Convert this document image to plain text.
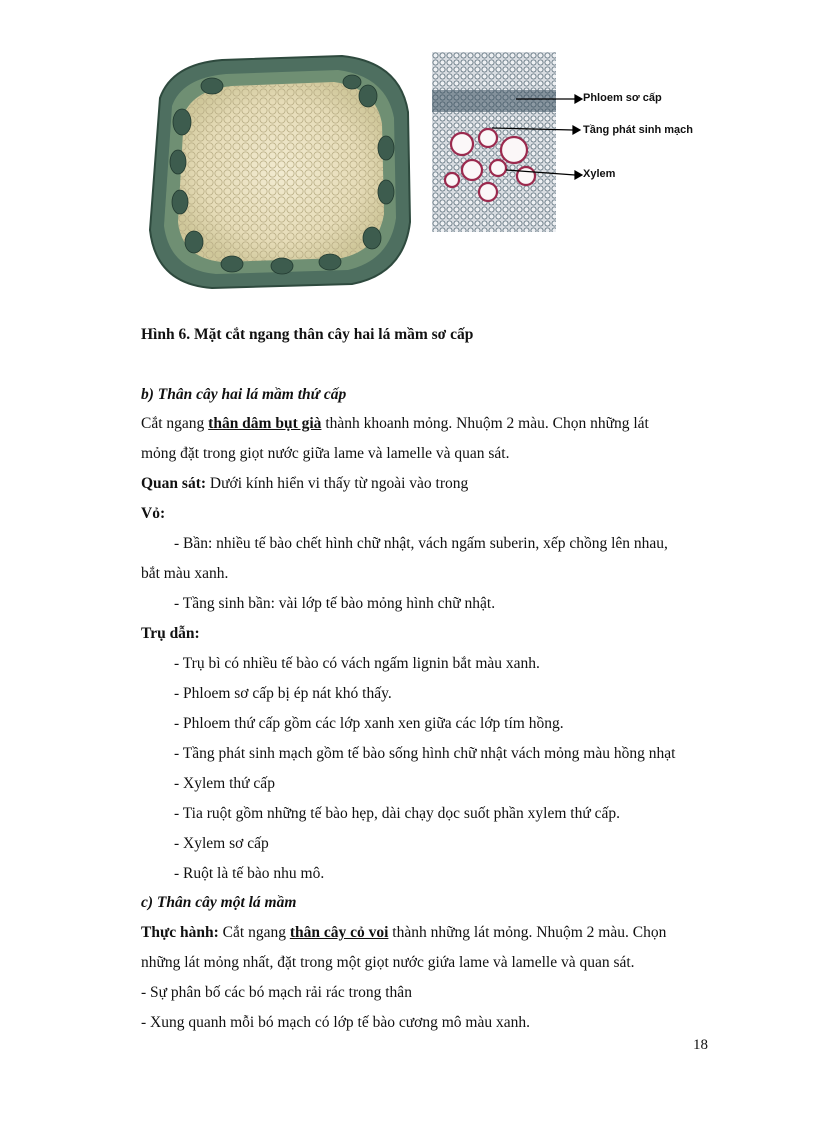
Phloem sơ cấp
Tầng phát sinh mạch
Xylem
Hình 6. Mặt cắt ngang thân cây hai lá mầm sơ cấp
b) Thân cây hai lá mầm thứ cấp
Cắt ngang thân dâm bụt già thành khoanh mỏng. Nhuộm 2 màu. Chọn những lát
mỏng đặt trong giọt nước giữa lame và lamelle và quan sát.
Quan sát: Dưới kính hiển vi thấy từ ngoài vào trong
Vỏ:
- Bần: nhiều tế bào chết hình chữ nhật, vách ngấm suberin, xếp chồng lên nhau,
bắt màu xanh.
- Tầng sinh bần: vài lớp tế bào mỏng hình chữ nhật.
Trụ dẫn:
- Trụ bì có nhiều tế bào có vách ngấm lignin bắt màu xanh.
- Phloem sơ cấp bị ép nát khó thấy.
- Phloem thứ cấp gồm các lớp xanh xen giữa các lớp tím hồng.
- Tầng phát sinh mạch gồm tế bào sống hình chữ nhật vách mỏng màu hồng nhạt
- Xylem thứ cấp
- Tia ruột gồm những tế bào hẹp, dài chạy dọc suốt phần xylem thứ cấp.
- Xylem sơ cấp
- Ruột là tế bào nhu mô.
c) Thân cây một lá mầm
Thực hành: Cắt ngang thân cây cỏ voi thành những lát mỏng. Nhuộm 2 màu. Chọn
những lát mỏng nhất, đặt trong một giọt nước giứa lame và lamelle và quan sát.
- Sự phân bố các bó mạch rải rác trong thân
- Xung quanh mỗi bó mạch có lớp tế bào cương mô màu xanh.
18
